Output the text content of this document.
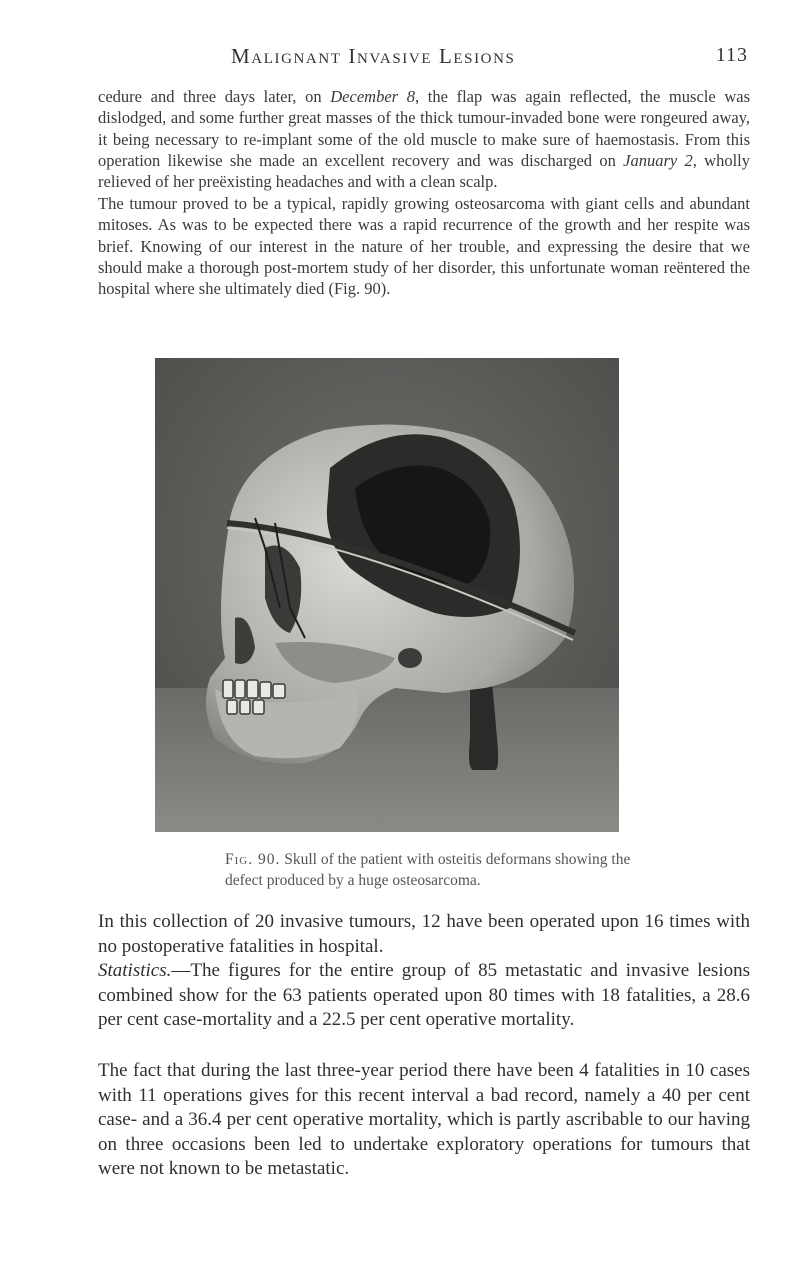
Malignant Invasive Lesions	113

cedure and three days later, on December 8, the flap was again reflected, the muscle was dislodged, and some further great masses of the thick tumour-invaded bone were rongeured away, it being necessary to re-implant some of the old muscle to make sure of haemostasis. From this operation likewise she made an excellent recovery and was discharged on January 2, wholly relieved of her preëxisting headaches and with a clean scalp.

The tumour proved to be a typical, rapidly growing osteosarcoma with giant cells and abundant mitoses. As was to be expected there was a rapid recurrence of the growth and her respite was brief. Knowing of our interest in the nature of her trouble, and expressing the desire that we should make a thorough post-mortem study of her disorder, this unfortunate woman reëntered the hospital where she ultimately died (Fig. 90).

Fig. 90. Skull of the patient with osteitis deformans showing the defect produced by a huge osteosarcoma.

In this collection of 20 invasive tumours, 12 have been operated upon 16 times with no postoperative fatalities in hospital.

Statistics.—The figures for the entire group of 85 metastatic and invasive lesions combined show for the 63 patients operated upon 80 times with 18 fatalities, a 28.6 per cent case-mortality and a 22.5 per cent operative mortality.

The fact that during the last three-year period there have been 4 fatalities in 10 cases with 11 operations gives for this recent interval a bad record, namely a 40 per cent case- and a 36.4 per cent operative mortality, which is partly ascribable to our having on three occasions been led to undertake exploratory operations for tumours that were not known to be metastatic.
